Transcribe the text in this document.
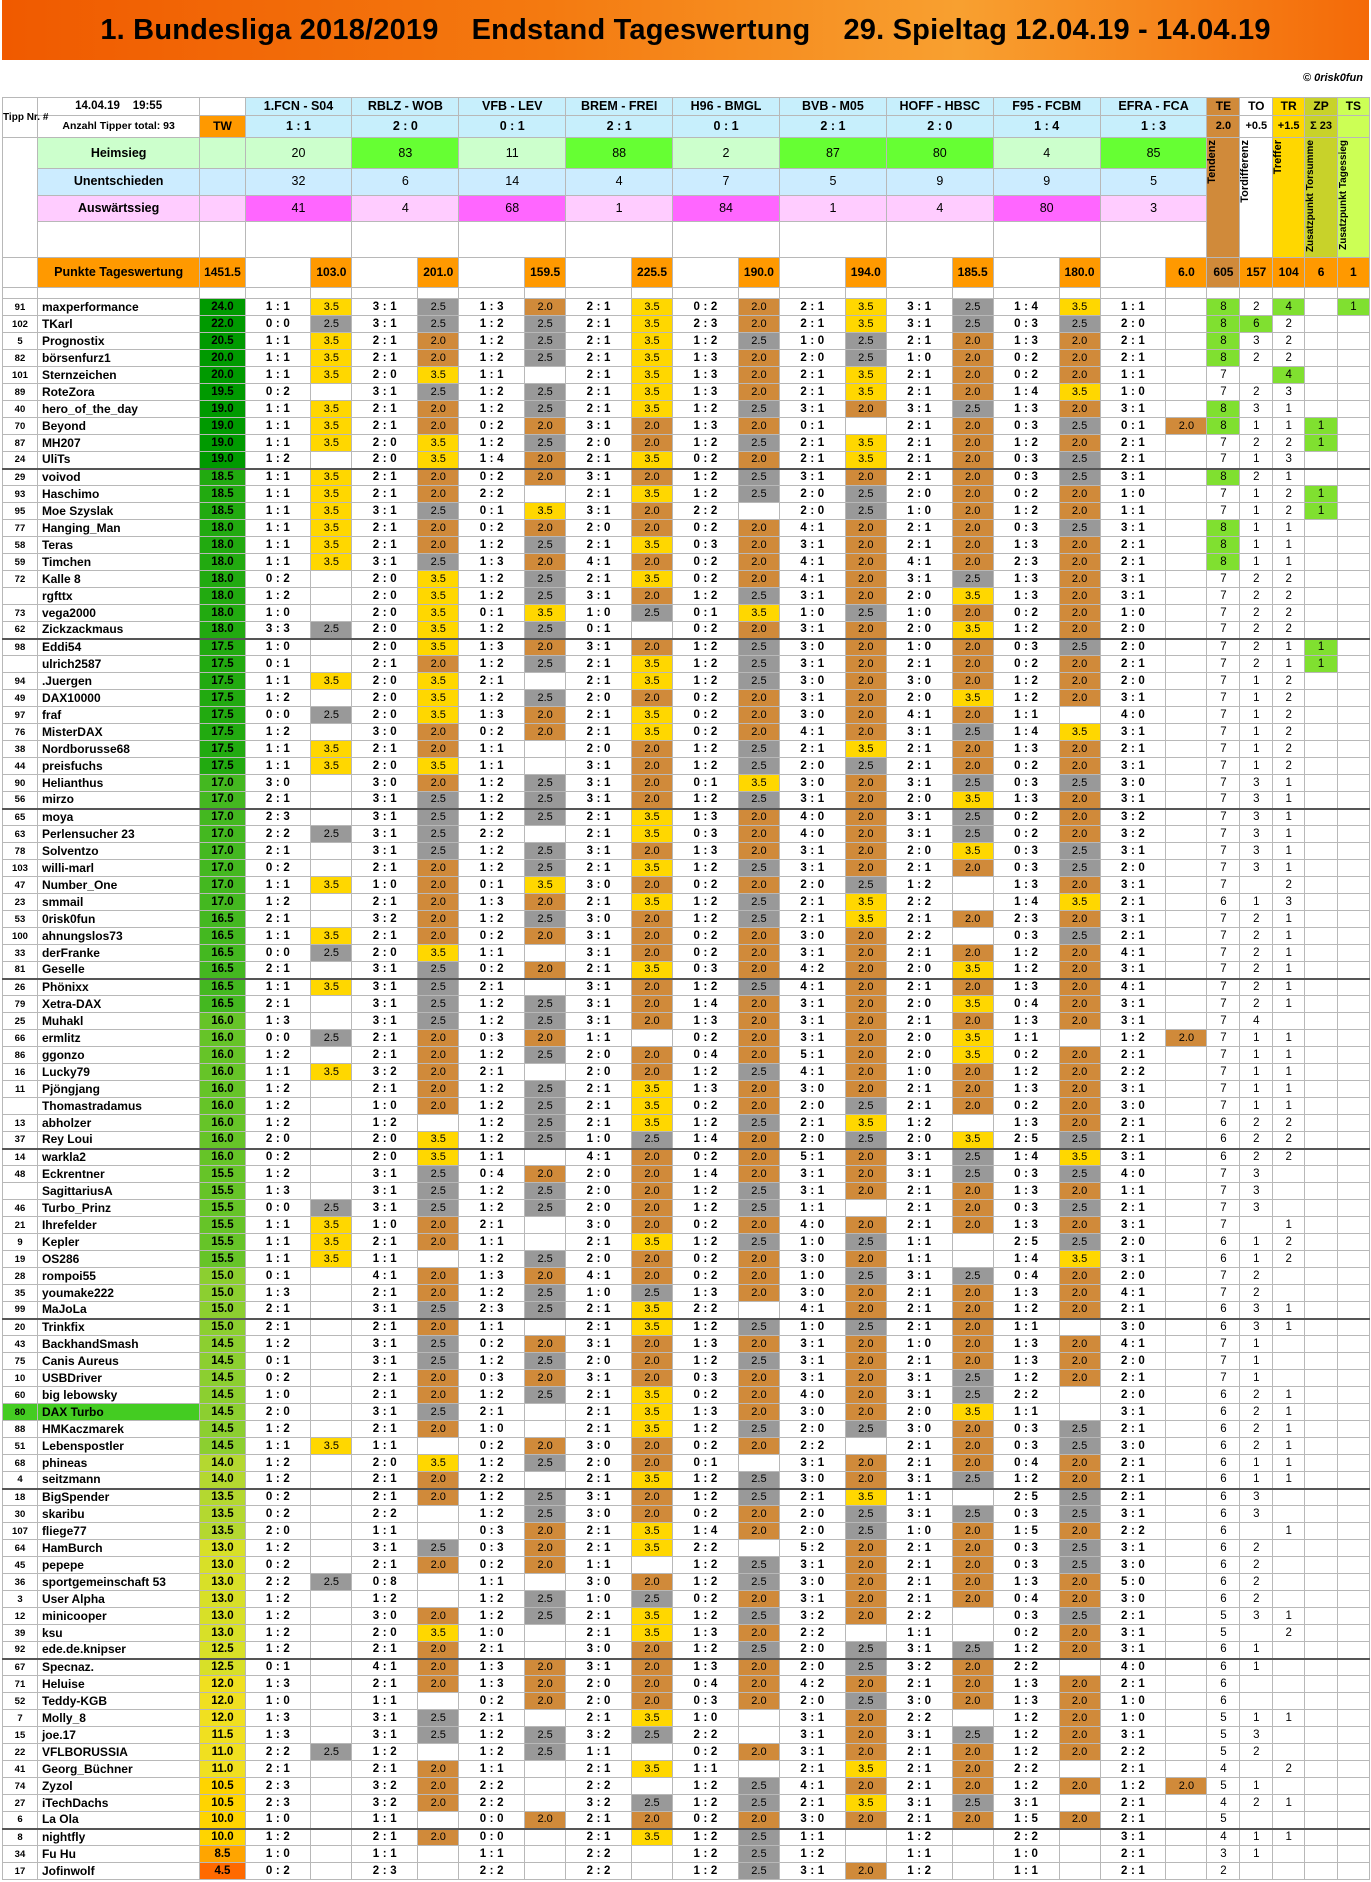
1. Bundesliga 2018/2019    Endstand Tageswertung    29. Spieltag 12.04.19 - 14.04.19
© 0risk0fun
Tipp Nr. #	14.04.19 19:55		1.FCN - S04		RBLZ - WOB		VFB - LEV		BREM - FREI		H96 - BMGL		BVB - M05		HOFF - HBSC		F95 - FCBM		EFRA - FCA		TE	TO	TR	ZP	TS
	Anzahl Tipper total: 93	TW	1 : 1		2 : 0		0 : 1		2 : 1		0 : 1		2 : 1		2 : 0		1 : 4		1 : 3		2.0	+0.5	+1.5	Σ 23	
	Heimsieg		20		83		11		88		2		87		80		4		85		Tendenz	Tordifferenz	Treffer	Zusatzpunkt Torsumme	Zusatzpunkt Tagessieg
	Unentschieden		32		6		14		4		7		5		9		9		5						
	Auswärtssieg		41		4		68		1		84		1		4		80		3						

	Punkte Tageswertung	1451.5		103.0		201.0		159.5		225.5		190.0		194.0		185.5		180.0		6.0	605	157	104	6	1

91	maxperformance	24.0	1 : 1	3.5	3 : 1	2.5	1 : 3	2.0	2 : 1	3.5	0 : 2	2.0	2 : 1	3.5	3 : 1	2.5	1 : 4	3.5	1 : 1		8	2	4		1
102	TKarl	22.0	0 : 0	2.5	3 : 1	2.5	1 : 2	2.5	2 : 1	3.5	2 : 3	2.0	2 : 1	3.5	3 : 1	2.5	0 : 3	2.5	2 : 0		8	6	2		
5	Prognostix	20.5	1 : 1	3.5	2 : 1	2.0	1 : 2	2.5	2 : 1	3.5	1 : 2	2.5	1 : 0	2.5	2 : 1	2.0	1 : 3	2.0	2 : 1		8	3	2		
82	börsenfurz1	20.0	1 : 1	3.5	2 : 1	2.0	1 : 2	2.5	2 : 1	3.5	1 : 3	2.0	2 : 0	2.5	1 : 0	2.0	0 : 2	2.0	2 : 1		8	2	2		
101	Sternzeichen	20.0	1 : 1	3.5	2 : 0	3.5	1 : 1		2 : 1	3.5	1 : 3	2.0	2 : 1	3.5	2 : 1	2.0	0 : 2	2.0	1 : 1		7		4		
89	RoteZora	19.5	0 : 2		3 : 1	2.5	1 : 2	2.5	2 : 1	3.5	1 : 3	2.0	2 : 1	3.5	2 : 1	2.0	1 : 4	3.5	1 : 0		7	2	3		
40	hero_of_the_day	19.0	1 : 1	3.5	2 : 1	2.0	1 : 2	2.5	2 : 1	3.5	1 : 2	2.5	3 : 1	2.0	3 : 1	2.5	1 : 3	2.0	3 : 1		8	3	1		
70	Beyond	19.0	1 : 1	3.5	2 : 1	2.0	0 : 2	2.0	3 : 1	2.0	1 : 3	2.0	0 : 1		2 : 1	2.0	0 : 3	2.5	0 : 1	2.0	8	1	1	1	
87	MH207	19.0	1 : 1	3.5	2 : 0	3.5	1 : 2	2.5	2 : 0	2.0	1 : 2	2.5	2 : 1	3.5	2 : 1	2.0	1 : 2	2.0	2 : 1		7	2	2	1	
24	UliTs	19.0	1 : 2		2 : 0	3.5	1 : 4	2.0	2 : 1	3.5	0 : 2	2.0	2 : 1	3.5	2 : 1	2.0	0 : 3	2.5	2 : 1		7	1	3		
29	voivod	18.5	1 : 1	3.5	2 : 1	2.0	0 : 2	2.0	3 : 1	2.0	1 : 2	2.5	3 : 1	2.0	2 : 1	2.0	0 : 3	2.5	3 : 1		8	2	1		
93	Haschimo	18.5	1 : 1	3.5	2 : 1	2.0	2 : 2		2 : 1	3.5	1 : 2	2.5	2 : 0	2.5	2 : 0	2.0	0 : 2	2.0	1 : 0		7	1	2	1	
95	Moe Szyslak	18.5	1 : 1	3.5	3 : 1	2.5	0 : 1	3.5	3 : 1	2.0	2 : 2		2 : 0	2.5	1 : 0	2.0	1 : 2	2.0	1 : 1		7	1	2	1	
77	Hanging_Man	18.0	1 : 1	3.5	2 : 1	2.0	0 : 2	2.0	2 : 0	2.0	0 : 2	2.0	4 : 1	2.0	2 : 1	2.0	0 : 3	2.5	3 : 1		8	1	1		
58	Teras	18.0	1 : 1	3.5	2 : 1	2.0	1 : 2	2.5	2 : 1	3.5	0 : 3	2.0	3 : 1	2.0	2 : 1	2.0	1 : 3	2.0	2 : 1		8	1	1		
59	Timchen	18.0	1 : 1	3.5	3 : 1	2.5	1 : 3	2.0	4 : 1	2.0	0 : 2	2.0	4 : 1	2.0	4 : 1	2.0	2 : 3	2.0	2 : 1		8	1	1		
72	Kalle 8	18.0	0 : 2		2 : 0	3.5	1 : 2	2.5	2 : 1	3.5	0 : 2	2.0	4 : 1	2.0	3 : 1	2.5	1 : 3	2.0	3 : 1		7	2	2		
	rgfttx	18.0	1 : 2		2 : 0	3.5	1 : 2	2.5	3 : 1	2.0	1 : 2	2.5	3 : 1	2.0	2 : 0	3.5	1 : 3	2.0	3 : 1		7	2	2		
73	vega2000	18.0	1 : 0		2 : 0	3.5	0 : 1	3.5	1 : 0	2.5	0 : 1	3.5	1 : 0	2.5	1 : 0	2.0	0 : 2	2.0	1 : 0		7	2	2		
62	Zickzackmaus	18.0	3 : 3	2.5	2 : 0	3.5	1 : 2	2.5	0 : 1		0 : 2	2.0	3 : 1	2.0	2 : 0	3.5	1 : 2	2.0	2 : 0		7	2	2		
98	Eddi54	17.5	1 : 0		2 : 0	3.5	1 : 3	2.0	3 : 1	2.0	1 : 2	2.5	3 : 0	2.0	1 : 0	2.0	0 : 3	2.5	2 : 0		7	2	1	1	
	ulrich2587	17.5	0 : 1		2 : 1	2.0	1 : 2	2.5	2 : 1	3.5	1 : 2	2.5	3 : 1	2.0	2 : 1	2.0	0 : 2	2.0	2 : 1		7	2	1	1	
94	.Juergen	17.5	1 : 1	3.5	2 : 0	3.5	2 : 1		2 : 1	3.5	1 : 2	2.5	3 : 0	2.0	3 : 0	2.0	1 : 2	2.0	2 : 0		7	1	2		
49	DAX10000	17.5	1 : 2		2 : 0	3.5	1 : 2	2.5	2 : 0	2.0	0 : 2	2.0	3 : 1	2.0	2 : 0	3.5	1 : 2	2.0	3 : 1		7	1	2		
97	fraf	17.5	0 : 0	2.5	2 : 0	3.5	1 : 3	2.0	2 : 1	3.5	0 : 2	2.0	3 : 0	2.0	4 : 1	2.0	1 : 1		4 : 0		7	1	2		
76	MisterDAX	17.5	1 : 2		3 : 0	2.0	0 : 2	2.0	2 : 1	3.5	0 : 2	2.0	4 : 1	2.0	3 : 1	2.5	1 : 4	3.5	3 : 1		7	1	2		
38	Nordborusse68	17.5	1 : 1	3.5	2 : 1	2.0	1 : 1		2 : 0	2.0	1 : 2	2.5	2 : 1	3.5	2 : 1	2.0	1 : 3	2.0	2 : 1		7	1	2		
44	preisfuchs	17.5	1 : 1	3.5	2 : 0	3.5	1 : 1		3 : 1	2.0	1 : 2	2.5	2 : 0	2.5	2 : 1	2.0	0 : 2	2.0	3 : 1		7	1	2		
90	Helianthus	17.0	3 : 0		3 : 0	2.0	1 : 2	2.5	3 : 1	2.0	0 : 1	3.5	3 : 0	2.0	3 : 1	2.5	0 : 3	2.5	3 : 0		7	3	1		
56	mirzo	17.0	2 : 1		3 : 1	2.5	1 : 2	2.5	3 : 1	2.0	1 : 2	2.5	3 : 1	2.0	2 : 0	3.5	1 : 3	2.0	3 : 1		7	3	1		
65	moya	17.0	2 : 3		3 : 1	2.5	1 : 2	2.5	2 : 1	3.5	1 : 3	2.0	4 : 0	2.0	3 : 1	2.5	0 : 2	2.0	3 : 2		7	3	1		
63	Perlensucher 23	17.0	2 : 2	2.5	3 : 1	2.5	2 : 2		2 : 1	3.5	0 : 3	2.0	4 : 0	2.0	3 : 1	2.5	0 : 2	2.0	3 : 2		7	3	1		
78	Solventzo	17.0	2 : 1		3 : 1	2.5	1 : 2	2.5	3 : 1	2.0	1 : 3	2.0	3 : 1	2.0	2 : 0	3.5	0 : 3	2.5	3 : 1		7	3	1		
103	willi-marl	17.0	0 : 2		2 : 1	2.0	1 : 2	2.5	2 : 1	3.5	1 : 2	2.5	3 : 1	2.0	2 : 1	2.0	0 : 3	2.5	2 : 0		7	3	1		
47	Number_One	17.0	1 : 1	3.5	1 : 0	2.0	0 : 1	3.5	3 : 0	2.0	0 : 2	2.0	2 : 0	2.5	1 : 2		1 : 3	2.0	3 : 1		7		2		
23	smmail	17.0	1 : 2		2 : 1	2.0	1 : 3	2.0	2 : 1	3.5	1 : 2	2.5	2 : 1	3.5	2 : 2		1 : 4	3.5	2 : 1		6	1	3		
53	0risk0fun	16.5	2 : 1		3 : 2	2.0	1 : 2	2.5	3 : 0	2.0	1 : 2	2.5	2 : 1	3.5	2 : 1	2.0	2 : 3	2.0	3 : 1		7	2	1		
100	ahnungslos73	16.5	1 : 1	3.5	2 : 1	2.0	0 : 2	2.0	3 : 1	2.0	0 : 2	2.0	3 : 0	2.0	2 : 2		0 : 3	2.5	2 : 1		7	2	1		
33	derFranke	16.5	0 : 0	2.5	2 : 0	3.5	1 : 1		3 : 1	2.0	0 : 2	2.0	3 : 1	2.0	2 : 1	2.0	1 : 2	2.0	4 : 1		7	2	1		
81	Geselle	16.5	2 : 1		3 : 1	2.5	0 : 2	2.0	2 : 1	3.5	0 : 3	2.0	4 : 2	2.0	2 : 0	3.5	1 : 2	2.0	3 : 1		7	2	1		
26	Phönixx	16.5	1 : 1	3.5	3 : 1	2.5	2 : 1		3 : 1	2.0	1 : 2	2.5	4 : 1	2.0	2 : 1	2.0	1 : 3	2.0	4 : 1		7	2	1		
79	Xetra-DAX	16.5	2 : 1		3 : 1	2.5	1 : 2	2.5	3 : 1	2.0	1 : 4	2.0	3 : 1	2.0	2 : 0	3.5	0 : 4	2.0	3 : 1		7	2	1		
25	Muhakl	16.0	1 : 3		3 : 1	2.5	1 : 2	2.5	3 : 1	2.0	1 : 3	2.0	3 : 1	2.0	2 : 1	2.0	1 : 3	2.0	3 : 1		7	4			
66	ermlitz	16.0	0 : 0	2.5	2 : 1	2.0	0 : 3	2.0	1 : 1		0 : 2	2.0	3 : 1	2.0	2 : 0	3.5	1 : 1		1 : 2	2.0	7	1	1		
86	ggonzo	16.0	1 : 2		2 : 1	2.0	1 : 2	2.5	2 : 0	2.0	0 : 4	2.0	5 : 1	2.0	2 : 0	3.5	0 : 2	2.0	2 : 1		7	1	1		
16	Lucky79	16.0	1 : 1	3.5	3 : 2	2.0	2 : 1		2 : 0	2.0	1 : 2	2.5	4 : 1	2.0	1 : 0	2.0	1 : 2	2.0	2 : 2		7	1	1		
11	Pjöngjang	16.0	1 : 2		2 : 1	2.0	1 : 2	2.5	2 : 1	3.5	1 : 3	2.0	3 : 0	2.0	2 : 1	2.0	1 : 3	2.0	3 : 1		7	1	1		
	Thomastradamus	16.0	1 : 2		1 : 0	2.0	1 : 2	2.5	2 : 1	3.5	0 : 2	2.0	2 : 0	2.5	2 : 1	2.0	0 : 2	2.0	3 : 0		7	1	1		
13	abholzer	16.0	1 : 2		1 : 2		1 : 2	2.5	2 : 1	3.5	1 : 2	2.5	2 : 1	3.5	1 : 2		1 : 3	2.0	2 : 1		6	2	2		
37	Rey Loui	16.0	2 : 0		2 : 0	3.5	1 : 2	2.5	1 : 0	2.5	1 : 4	2.0	2 : 0	2.5	2 : 0	3.5	2 : 5	2.5	2 : 1		6	2	2		
14	warkla2	16.0	0 : 2		2 : 0	3.5	1 : 1		4 : 1	2.0	0 : 2	2.0	5 : 1	2.0	3 : 1	2.5	1 : 4	3.5	3 : 1		6	2	2		
48	Eckrentner	15.5	1 : 2		3 : 1	2.5	0 : 4	2.0	2 : 0	2.0	1 : 4	2.0	3 : 1	2.0	3 : 1	2.5	0 : 3	2.5	4 : 0		7	3			
	SagittariusA	15.5	1 : 3		3 : 1	2.5	1 : 2	2.5	2 : 0	2.0	1 : 2	2.5	3 : 1	2.0	2 : 1	2.0	1 : 3	2.0	1 : 1		7	3			
46	Turbo_Prinz	15.5	0 : 0	2.5	3 : 1	2.5	1 : 2	2.5	2 : 0	2.0	1 : 2	2.5	1 : 1		2 : 1	2.0	0 : 3	2.5	2 : 1		7	3			
21	Ihrefelder	15.5	1 : 1	3.5	1 : 0	2.0	2 : 1		3 : 0	2.0	0 : 2	2.0	4 : 0	2.0	2 : 1	2.0	1 : 3	2.0	3 : 1		7		1		
9	Kepler	15.5	1 : 1	3.5	2 : 1	2.0	1 : 1		2 : 1	3.5	1 : 2	2.5	1 : 0	2.5	1 : 1		2 : 5	2.5	2 : 0		6	1	2		
19	OS286	15.5	1 : 1	3.5	1 : 1		1 : 2	2.5	2 : 0	2.0	0 : 2	2.0	3 : 0	2.0	1 : 1		1 : 4	3.5	3 : 1		6	1	2		
28	rompoi55	15.0	0 : 1		4 : 1	2.0	1 : 3	2.0	4 : 1	2.0	0 : 2	2.0	1 : 0	2.5	3 : 1	2.5	0 : 4	2.0	2 : 0		7	2			
35	youmake222	15.0	1 : 3		2 : 1	2.0	1 : 2	2.5	1 : 0	2.5	1 : 3	2.0	3 : 0	2.0	2 : 1	2.0	1 : 3	2.0	4 : 1		7	2			
99	MaJoLa	15.0	2 : 1		3 : 1	2.5	2 : 3	2.5	2 : 1	3.5	2 : 2		4 : 1	2.0	2 : 1	2.0	1 : 2	2.0	2 : 1		6	3	1		
20	Trinkfix	15.0	2 : 1		2 : 1	2.0	1 : 1		2 : 1	3.5	1 : 2	2.5	1 : 0	2.5	2 : 1	2.0	1 : 1		3 : 0		6	3	1		
43	BackhandSmash	14.5	1 : 2		3 : 1	2.5	0 : 2	2.0	3 : 1	2.0	1 : 3	2.0	3 : 1	2.0	1 : 0	2.0	1 : 3	2.0	4 : 1		7	1			
75	Canis Aureus	14.5	0 : 1		3 : 1	2.5	1 : 2	2.5	2 : 0	2.0	1 : 2	2.5	3 : 1	2.0	2 : 1	2.0	1 : 3	2.0	2 : 0		7	1			
10	USBDriver	14.5	0 : 2		2 : 1	2.0	0 : 3	2.0	3 : 1	2.0	0 : 3	2.0	3 : 1	2.0	3 : 1	2.5	1 : 2	2.0	2 : 1		7	1			
60	big lebowsky	14.5	1 : 0		2 : 1	2.0	1 : 2	2.5	2 : 1	3.5	0 : 2	2.0	4 : 0	2.0	3 : 1	2.5	2 : 2		2 : 0		6	2	1		
80	DAX Turbo	14.5	2 : 0		3 : 1	2.5	2 : 1		2 : 1	3.5	1 : 3	2.0	3 : 0	2.0	2 : 0	3.5	1 : 1		3 : 1		6	2	1		
88	HMKaczmarek	14.5	1 : 2		2 : 1	2.0	1 : 0		2 : 1	3.5	1 : 2	2.5	2 : 0	2.5	3 : 0	2.0	0 : 3	2.5	2 : 1		6	2	1		
51	Lebenspostler	14.5	1 : 1	3.5	1 : 1		0 : 2	2.0	3 : 0	2.0	0 : 2	2.0	2 : 2		2 : 1	2.0	0 : 3	2.5	3 : 0		6	2	1		
68	phineas	14.0	1 : 2		2 : 0	3.5	1 : 2	2.5	2 : 0	2.0	0 : 1		3 : 1	2.0	2 : 1	2.0	0 : 4	2.0	2 : 1		6	1	1		
4	seitzmann	14.0	1 : 2		2 : 1	2.0	2 : 2		2 : 1	3.5	1 : 2	2.5	3 : 0	2.0	3 : 1	2.5	1 : 2	2.0	2 : 1		6	1	1		
18	BigSpender	13.5	0 : 2		2 : 1	2.0	1 : 2	2.5	3 : 1	2.0	1 : 2	2.5	2 : 1	3.5	1 : 1		2 : 5	2.5	2 : 1		6	3			
30	skaribu	13.5	0 : 2		2 : 2		1 : 2	2.5	3 : 0	2.0	0 : 2	2.0	2 : 0	2.5	3 : 1	2.5	0 : 3	2.5	3 : 1		6	3			
107	fliege77	13.5	2 : 0		1 : 1		0 : 3	2.0	2 : 1	3.5	1 : 4	2.0	2 : 0	2.5	1 : 0	2.0	1 : 5	2.0	2 : 2		6		1		
64	HamBurch	13.0	1 : 2		3 : 1	2.5	0 : 3	2.0	2 : 1	3.5	2 : 2		5 : 2	2.0	2 : 1	2.0	0 : 3	2.5	3 : 1		6	2			
45	pepepe	13.0	0 : 2		2 : 1	2.0	0 : 2	2.0	1 : 1		1 : 2	2.5	3 : 1	2.0	2 : 1	2.0	0 : 3	2.5	3 : 0		6	2			
36	sportgemeinschaft 53	13.0	2 : 2	2.5	0 : 8		1 : 1		3 : 0	2.0	1 : 2	2.5	3 : 0	2.0	2 : 1	2.0	1 : 3	2.0	5 : 0		6	2			
3	User Alpha	13.0	1 : 2		1 : 2		1 : 2	2.5	1 : 0	2.5	0 : 2	2.0	3 : 1	2.0	2 : 1	2.0	0 : 4	2.0	3 : 0		6	2			
12	minicooper	13.0	1 : 2		3 : 0	2.0	1 : 2	2.5	2 : 1	3.5	1 : 2	2.5	3 : 2	2.0	2 : 2		0 : 3	2.5	2 : 1		5	3	1		
39	ksu	13.0	1 : 2		2 : 0	3.5	1 : 0		2 : 1	3.5	1 : 3	2.0	2 : 2		1 : 1		0 : 2	2.0	3 : 1		5		2		
92	ede.de.knipser	12.5	1 : 2		2 : 1	2.0	2 : 1		3 : 0	2.0	1 : 2	2.5	2 : 0	2.5	3 : 1	2.5	1 : 2	2.0	3 : 1		6	1			
67	Specnaz.	12.5	0 : 1		4 : 1	2.0	1 : 3	2.0	3 : 1	2.0	1 : 3	2.0	2 : 0	2.5	3 : 2	2.0	2 : 2		4 : 0		6	1			
71	Heluise	12.0	1 : 3		2 : 1	2.0	1 : 3	2.0	2 : 0	2.0	0 : 4	2.0	4 : 2	2.0	2 : 1	2.0	1 : 3	2.0	2 : 1		6				
52	Teddy-KGB	12.0	1 : 0		1 : 1		0 : 2	2.0	2 : 0	2.0	0 : 3	2.0	2 : 0	2.5	3 : 0	2.0	1 : 3	2.0	1 : 0		6				
7	Molly_8	12.0	1 : 3		3 : 1	2.5	2 : 1		2 : 1	3.5	1 : 0		3 : 1	2.0	2 : 2		1 : 2	2.0	1 : 0		5	1	1		
15	joe.17	11.5	1 : 3		3 : 1	2.5	1 : 2	2.5	3 : 2	2.5	2 : 2		3 : 1	2.0	3 : 1	2.5	1 : 2	2.0	3 : 1		5	3			
22	VFLBORUSSIA	11.0	2 : 2	2.5	1 : 2		1 : 2	2.5	1 : 1		0 : 2	2.0	3 : 1	2.0	2 : 1	2.0	1 : 2	2.0	2 : 2		5	2			
41	Georg_Büchner	11.0	2 : 1		2 : 1	2.0	1 : 1		2 : 1	3.5	1 : 1		2 : 1	3.5	2 : 1	2.0	2 : 2		2 : 1		4		2		
74	Zyzol	10.5	2 : 3		3 : 2	2.0	2 : 2		2 : 2		1 : 2	2.5	4 : 1	2.0	2 : 1	2.0	1 : 2	2.0	1 : 2	2.0	5	1			
27	iTechDachs	10.5	2 : 3		3 : 2	2.0	2 : 2		3 : 2	2.5	1 : 2	2.5	2 : 1	3.5	3 : 1	2.5	3 : 1		2 : 1		4	2	1		
6	La Ola	10.0	1 : 0		1 : 1		0 : 0	2.0	2 : 1	2.0	0 : 2	2.0	3 : 0	2.0	2 : 1	2.0	1 : 5	2.0	2 : 1		5				
8	nightfly	10.0	1 : 2		2 : 1	2.0	0 : 0		2 : 1	3.5	1 : 2	2.5	1 : 1		1 : 2		2 : 2		3 : 1		4	1	1		
34	Fu Hu	8.5	1 : 0		1 : 1		1 : 1		2 : 2		1 : 2	2.5	1 : 2		1 : 1		1 : 0		2 : 1		3	1			
17	Jofinwolf	4.5	0 : 2		2 : 3		2 : 2		2 : 2		1 : 2	2.5	3 : 1	2.0	1 : 2		1 : 1		2 : 1		2				
